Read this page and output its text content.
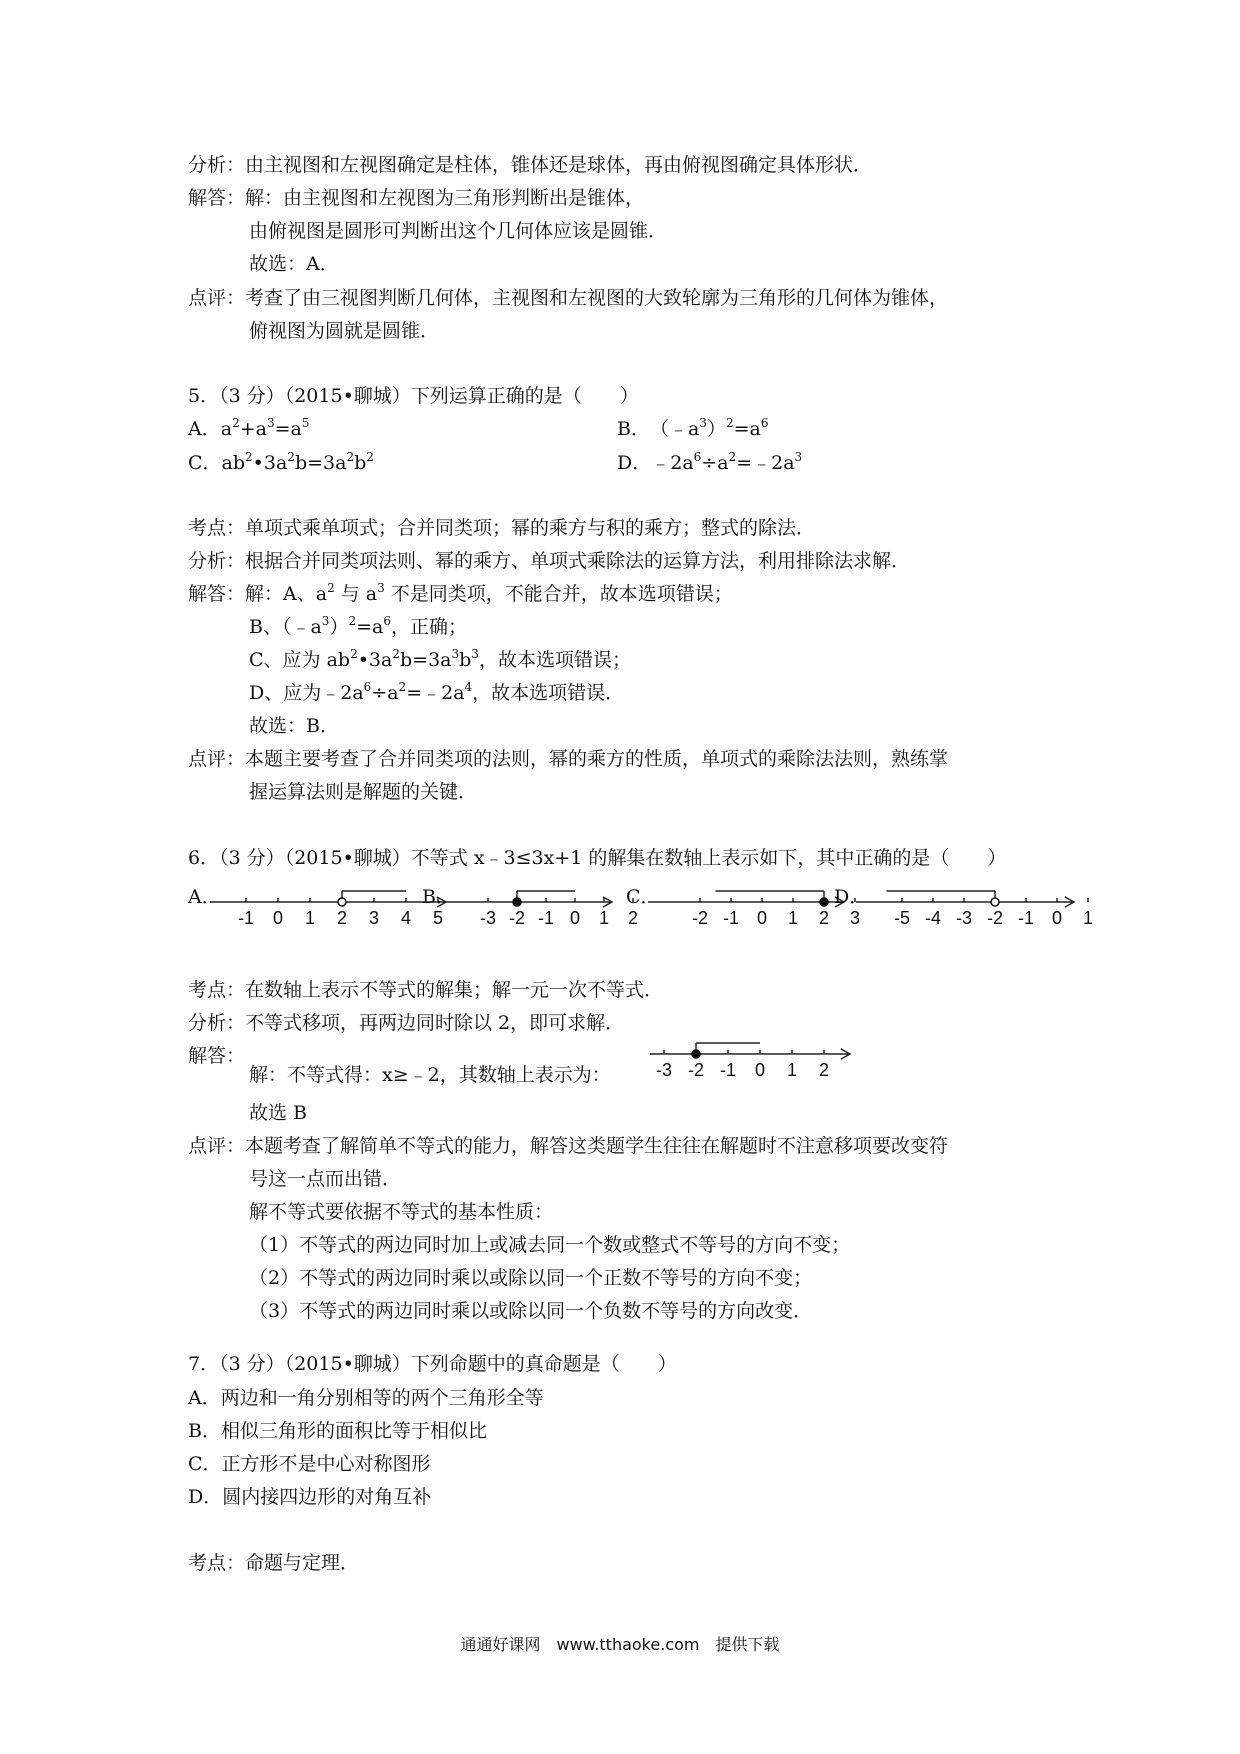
分析：由主视图和左视图确定是柱体，锥体还是球体，再由俯视图确定具体形状．
解答：解：由主视图和左视图为三角形判断出是锥体，
由俯视图是圆形可判断出这个几何体应该是圆锥．
故选：A．
点评：考查了由三视图判断几何体，主视图和左视图的大致轮廓为三角形的几何体为锥体，
俯视图为圆就是圆锥．
5．（3 分）（2015•聊城）下列运算正确的是（　　）
A．$a^2+a^3=a^5$	B．　$(﹣a^3)^2=a^6$
C．$ab^2•3a^2b=3a^2b^2$	D．$﹣2a^6\div a^2=﹣2a^3$
考点：单项式乘单项式；合并同类项；幂的乘方与积的乘方；整式的除法．
分析：根据合并同类项法则、幂的乘方、单项式乘除法的运算方法，利用排除法求解．
解答：解：A、$a^2$ 与 $a^3$ 不是同类项，不能合并，故本选项错误；
B、$(﹣a^3)^2=a^6$，正确；
C、应为 $ab^2•3a^2b=3a^3b^3$，故本选项错误；
D、应为$﹣2a^6\div a^2=﹣2a^4$，故本选项错误．
故选：B．
点评：本题主要考查了合并同类项的法则，幂的乘方的性质，单项式的乘除法法则，熟练掌
握运算法则是解题的关键．
6．（3 分）（2015•聊城）不等式 x﹣3≤3x+1 的解集在数轴上表示如下，其中正确的是（　　）
A．
-1 0 1 2 3 4 5
B．
-3 -2 -1 0 1 2
C．
-2 -1 0 1 2 3
D．
-5 -4 -3 -2 -1 0 1
考点：在数轴上表示不等式的解集；解一元一次不等式．
分析：不等式移项，再两边同时除以 2，即可求解．
解答：
解：不等式得：x≥﹣2，其数轴上表示为：	-3 -2 -1 0 1 2
故选 B
点评：本题考查了解简单不等式的能力，解答这类题学生往往在解题时不注意移项要改变符
号这一点而出错．
解不等式要依据不等式的基本性质：
（1）不等式的两边同时加上或减去同一个数或整式不等号的方向不变；
（2）不等式的两边同时乘以或除以同一个正数不等号的方向不变；
（3）不等式的两边同时乘以或除以同一个负数不等号的方向改变．
7．（3 分）（2015•聊城）下列命题中的真命题是（　　）
A．两边和一角分别相等的两个三角形全等
B．相似三角形的面积比等于相似比
C．正方形不是中心对称图形
D．圆内接四边形的对角互补
考点：命题与定理．
通通好课网　www.tthaoke.com　提供下载
